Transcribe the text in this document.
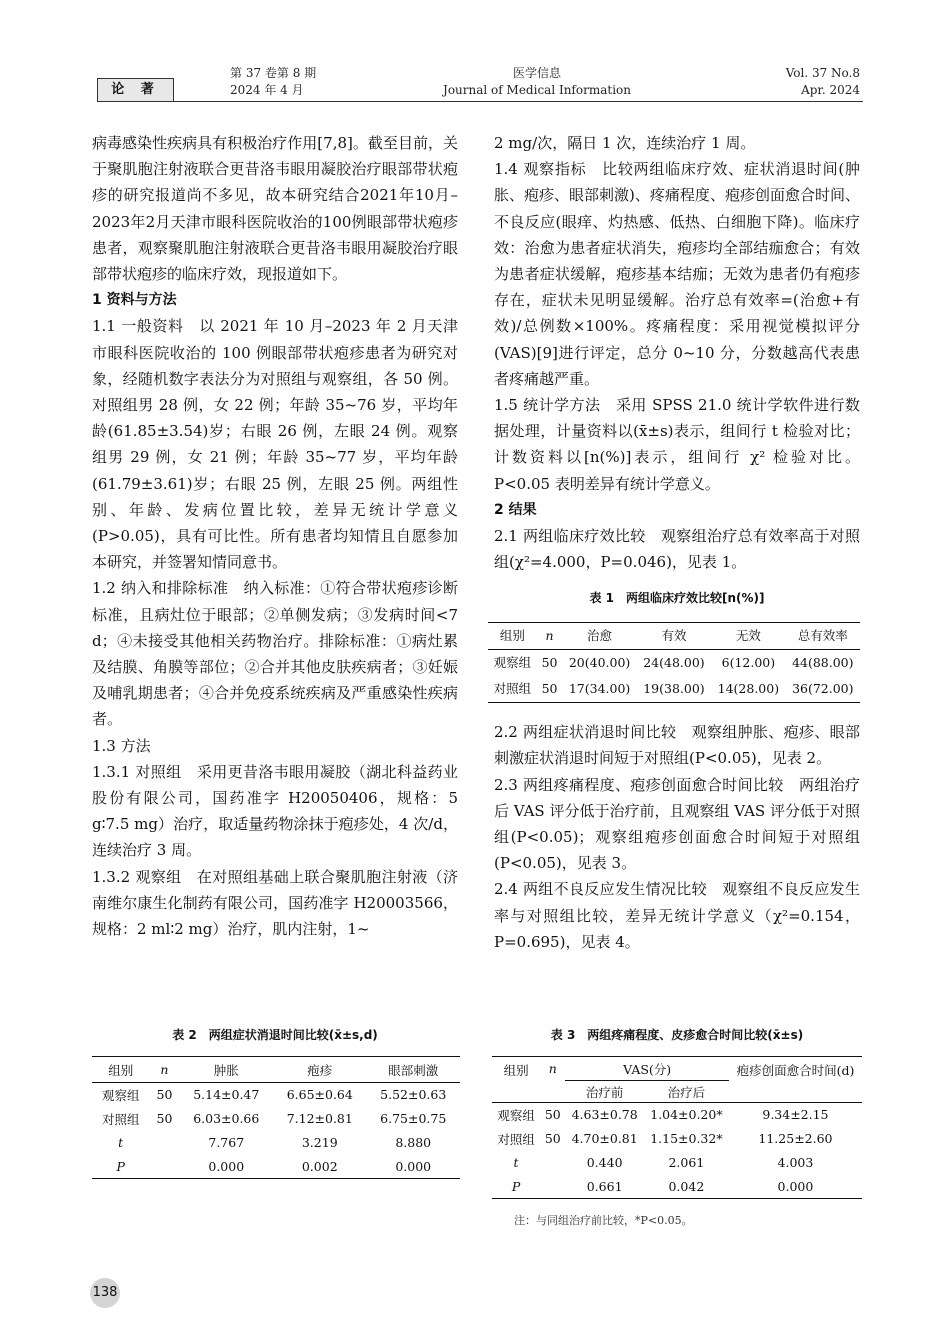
论 著
第 37 卷第 8 期
2024 年 4 月
医学信息
Journal of Medical Information
Vol. 37 No.8
Apr. 2024

病毒感染性疾病具有积极治疗作用[7,8]。截至目前，关于聚肌胞注射液联合更昔洛韦眼用凝胶治疗眼部带状疱疹的研究报道尚不多见，故本研究结合2021年10月–2023年2月天津市眼科医院收治的100例眼部带状疱疹患者，观察聚肌胞注射液联合更昔洛韦眼用凝胶治疗眼部带状疱疹的临床疗效，现报道如下。

1 资料与方法

1.1 一般资料　以 2021 年 10 月–2023 年 2 月天津市眼科医院收治的 100 例眼部带状疱疹患者为研究对象，经随机数字表法分为对照组与观察组，各 50 例。对照组男 28 例，女 22 例；年龄 35~76 岁，平均年龄(61.85±3.54)岁；右眼 26 例，左眼 24 例。观察组男 29 例，女 21 例；年龄 35~77 岁，平均年龄(61.79±3.61)岁；右眼 25 例，左眼 25 例。两组性别、年龄、发病位置比较，差异无统计学意义(P>0.05)，具有可比性。所有患者均知情且自愿参加本研究，并签署知情同意书。

1.2 纳入和排除标准　纳入标准：①符合带状疱疹诊断标准，且病灶位于眼部；②单侧发病；③发病时间<7 d；④未接受其他相关药物治疗。排除标准：①病灶累及结膜、角膜等部位；②合并其他皮肤疾病者；③妊娠及哺乳期患者；④合并免疫系统疾病及严重感染性疾病者。

1.3 方法

1.3.1 对照组　采用更昔洛韦眼用凝胶（湖北科益药业股份有限公司，国药准字 H20050406，规格：5 g∶7.5 mg）治疗，取适量药物涂抹于疱疹处，4 次/d，连续治疗 3 周。

1.3.2 观察组　在对照组基础上联合聚肌胞注射液（济南维尔康生化制药有限公司，国药准字 H20003566，规格：2 ml∶2 mg）治疗，肌内注射，1~

2 mg/次，隔日 1 次，连续治疗 1 周。

1.4 观察指标　比较两组临床疗效、症状消退时间(肿胀、疱疹、眼部刺激)、疼痛程度、疱疹创面愈合时间、不良反应(眼痒、灼热感、低热、白细胞下降)。临床疗效：治愈为患者症状消失，疱疹均全部结痂愈合；有效为患者症状缓解，疱疹基本结痂；无效为患者仍有疱疹存在，症状未见明显缓解。治疗总有效率=(治愈+有效)/总例数×100%。疼痛程度：采用视觉模拟评分(VAS)[9]进行评定，总分 0~10 分，分数越高代表患者疼痛越严重。

1.5 统计学方法　采用 SPSS 21.0 统计学软件进行数据处理，计量资料以(x̄±s)表示，组间行 t 检验对比；计数资料以[n(%)]表示，组间行 χ² 检验对比。P<0.05 表明差异有统计学意义。

2 结果

2.1 两组临床疗效比较　观察组治疗总有效率高于对照组(χ²=4.000，P=0.046)，见表 1。

表 1　两组临床疗效比较[n(%)]
组别	n	治愈	有效	无效	总有效率
观察组	50	20(40.00)	24(48.00)	6(12.00)	44(88.00)
对照组	50	17(34.00)	19(38.00)	14(28.00)	36(72.00)

2.2 两组症状消退时间比较　观察组肿胀、疱疹、眼部刺激症状消退时间短于对照组(P<0.05)，见表 2。

2.3 两组疼痛程度、疱疹创面愈合时间比较　两组治疗后 VAS 评分低于治疗前，且观察组 VAS 评分低于对照组(P<0.05)；观察组疱疹创面愈合时间短于对照组(P<0.05)，见表 3。

2.4 两组不良反应发生情况比较　观察组不良反应发生率与对照组比较，差异无统计学意义（χ²=0.154，P=0.695)，见表 4。

表 2　两组症状消退时间比较(x̄±s,d)
组别	n	肿胀	疱疹	眼部刺激
观察组	50	5.14±0.47	6.65±0.64	5.52±0.63
对照组	50	6.03±0.66	7.12±0.81	6.75±0.75
t		7.767	3.219	8.880
P		0.000	0.002	0.000
表 3　两组疼痛程度、皮疹愈合时间比较(x̄±s)
组别	n	VAS(分)		疱疹创面愈合时间(d)
		治疗前	治疗后	
观察组	50	4.63±0.78	1.04±0.20*	9.34±2.15
对照组	50	4.70±0.81	1.15±0.32*	11.25±2.60
t		0.440	2.061	4.003
P		0.661	0.042	0.000
注：与同组治疗前比较，*P<0.05。
138
